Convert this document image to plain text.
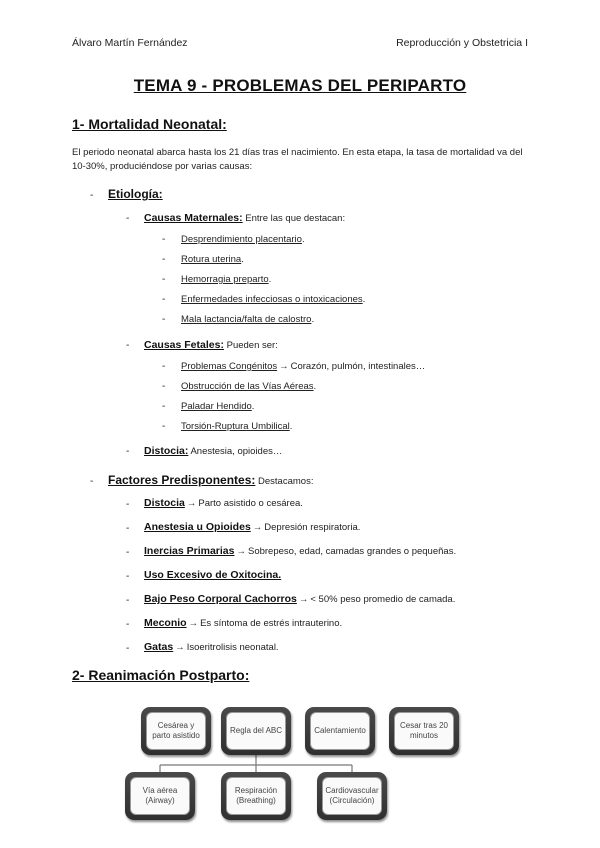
Álvaro Martín Fernández	Reproducción y Obstetricia I
TEMA 9 - PROBLEMAS DEL PERIPARTO
1- Mortalidad Neonatal:
El periodo neonatal abarca hasta los 21 días tras el nacimiento. En esta etapa, la tasa de mortalidad va del 10-30%, produciéndose por varias causas:
- Etiología:
- Causas Maternales: Entre las que destacan:
- Desprendimiento placentario.
- Rotura uterina.
- Hemorragia preparto.
- Enfermedades infecciosas o intoxicaciones.
- Mala lactancia/falta de calostro.
- Causas Fetales: Pueden ser:
- Problemas Congénitos → Corazón, pulmón, intestinales…
- Obstrucción de las Vías Aéreas.
- Paladar Hendido.
- Torsión-Ruptura Umbilical.
- Distocia: Anestesia, opioides…
- Factores Predisponentes: Destacamos:
- Distocia → Parto asistido o cesárea.
- Anestesia u Opioides → Depresión respiratoria.
- Inercias Primarias → Sobrepeso, edad, camadas grandes o pequeñas.
- Uso Excesivo de Oxitocina.
- Bajo Peso Corporal Cachorros → < 50% peso promedio de camada.
- Meconio → Es síntoma de estrés intrauterino.
- Gatas → Isoeritrolisis neonatal.
2- Reanimación Postparto:
Cesárea y parto asistido
Regla del ABC	Calentamiento
Cesar tras 20 minutos
Vía aérea (Airway)
Respiración (Breathing)
Cardiovascular (Circulación)
